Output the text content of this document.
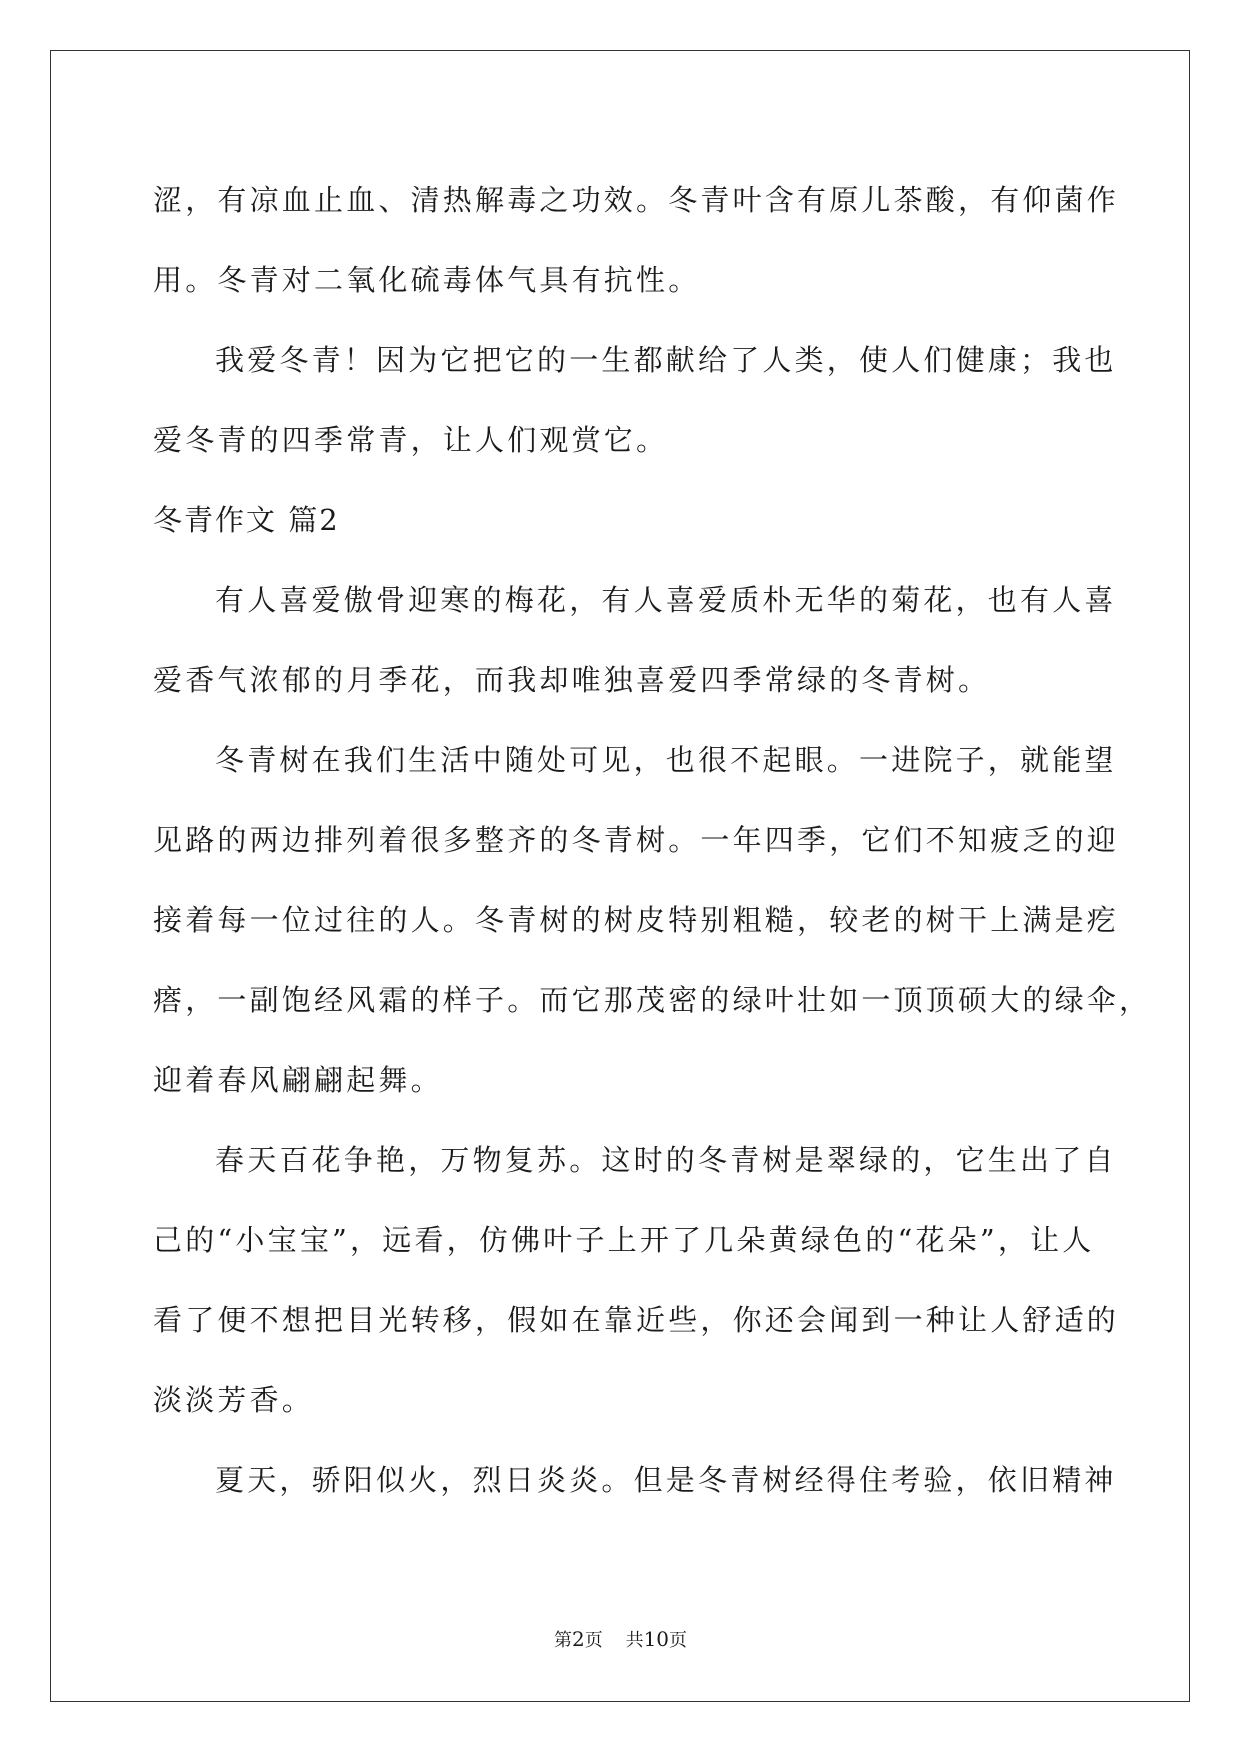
涩，有凉血止血、清热解毒之功效。冬青叶含有原儿茶酸，有仰菌作

用。冬青对二氧化硫毒体气具有抗性。

我爱冬青！因为它把它的一生都献给了人类，使人们健康；我也

爱冬青的四季常青，让人们观赏它。

冬青作文 篇2

有人喜爱傲骨迎寒的梅花，有人喜爱质朴无华的菊花，也有人喜

爱香气浓郁的月季花，而我却唯独喜爱四季常绿的冬青树。

冬青树在我们生活中随处可见，也很不起眼。一进院子，就能望

见路的两边排列着很多整齐的冬青树。一年四季，它们不知疲乏的迎

接着每一位过往的人。冬青树的树皮特别粗糙，较老的树干上满是疙

瘩，一副饱经风霜的样子。而它那茂密的绿叶壮如一顶顶硕大的绿伞，

迎着春风翩翩起舞。

春天百花争艳，万物复苏。这时的冬青树是翠绿的，它生出了自

己的“小宝宝”，远看，仿佛叶子上开了几朵黄绿色的“花朵”，让人

看了便不想把目光转移，假如在靠近些，你还会闻到一种让人舒适的

淡淡芳香。

夏天，骄阳似火，烈日炎炎。但是冬青树经得住考验，依旧精神

第2页 共10页
